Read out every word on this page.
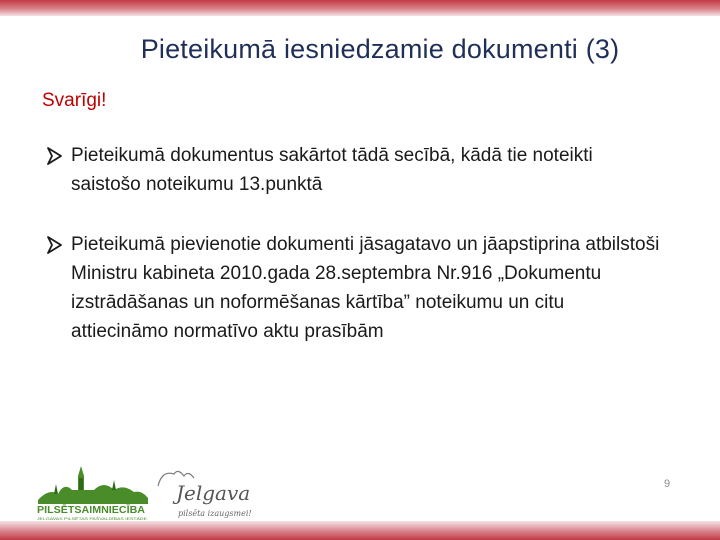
Pieteikumā iesniedzamie dokumenti (3)
Svarīgi!
Pieteikumā dokumentus sakārtot tādā secībā, kādā tie noteikti saistošo noteikumu 13.punktā
Pieteikumā pievienotie dokumenti jāsagatavo un jāapstiprina atbilstoši Ministru kabineta 2010.gada 28.septembra Nr.916 „Dokumentu izstrādāšanas un noformēšanas kārtība” noteikumu un citu attiecināmo normatīvo aktu prasībām
PILSĒTSAIMNIECĪBA
JELGAVAS PILSĒTAS PAŠVALDĪBAS IESTĀDE
Jelgava
pilsēta izaugsmei!
9
